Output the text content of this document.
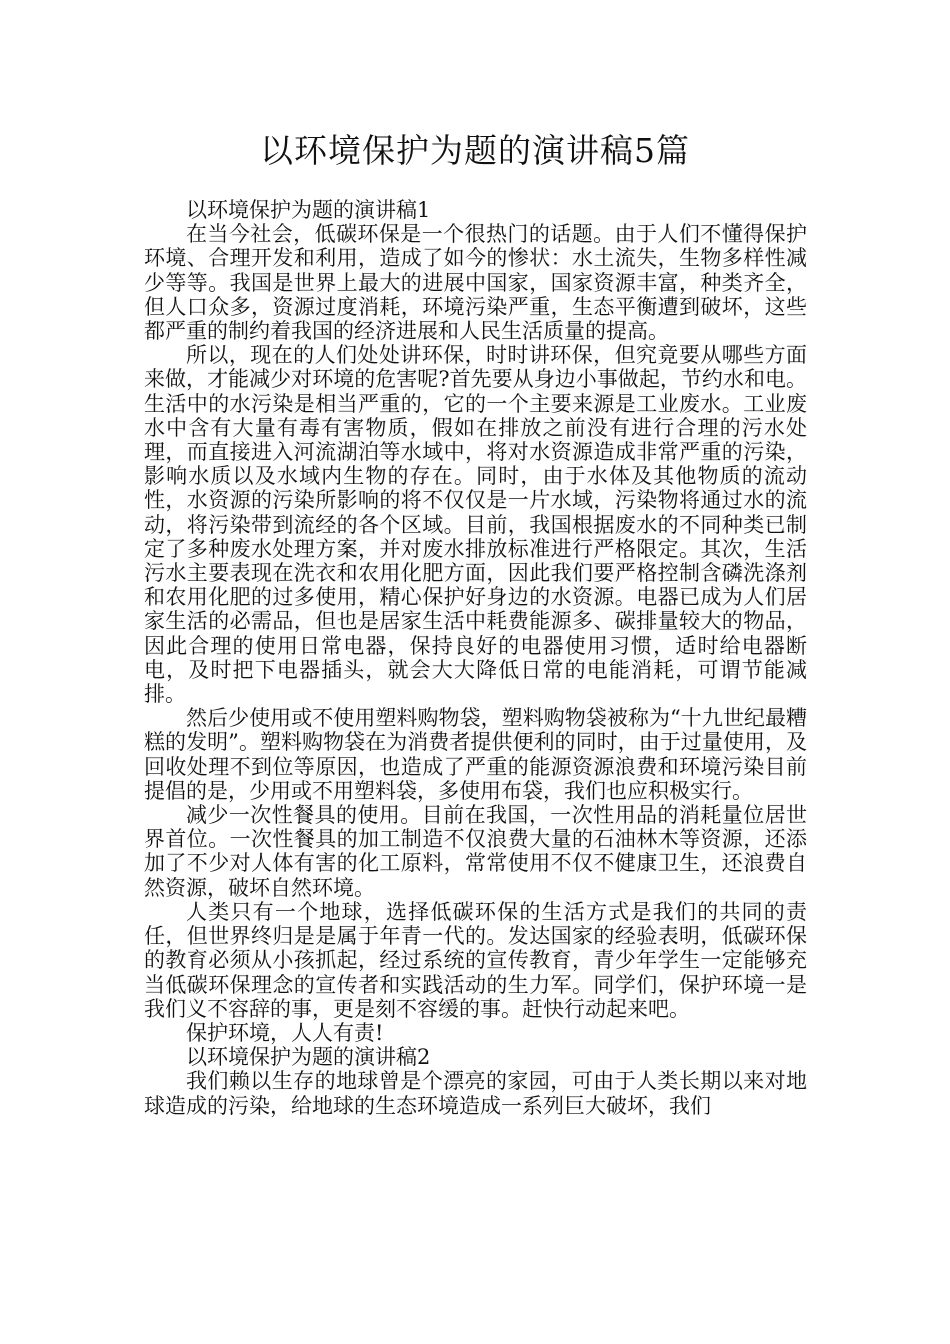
以环境保护为题的演讲稿5篇

以环境保护为题的演讲稿1

在当今社会，低碳环保是一个很热门的话题。由于人们不懂得保护环境、合理开发和利用，造成了如今的惨状：水土流失，生物多样性减少等等。我国是世界上最大的进展中国家，国家资源丰富，种类齐全，但人口众多，资源过度消耗，环境污染严重，生态平衡遭到破坏，这些都严重的制约着我国的经济进展和人民生活质量的提高。

所以，现在的人们处处讲环保，时时讲环保，但究竟要从哪些方面来做，才能减少对环境的危害呢?首先要从身边小事做起，节约水和电。生活中的水污染是相当严重的，它的一个主要来源是工业废水。工业废水中含有大量有毒有害物质，假如在排放之前没有进行合理的污水处理，而直接进入河流湖泊等水域中，将对水资源造成非常严重的污染，影响水质以及水域内生物的存在。同时，由于水体及其他物质的流动性，水资源的污染所影响的将不仅仅是一片水域，污染物将通过水的流动，将污染带到流经的各个区域。目前，我国根据废水的不同种类已制定了多种废水处理方案，并对废水排放标准进行严格限定。其次，生活污水主要表现在洗衣和农用化肥方面，因此我们要严格控制含磷洗涤剂和农用化肥的过多使用，精心保护好身边的水资源。电器已成为人们居家生活的必需品，但也是居家生活中耗费能源多、碳排量较大的物品，因此合理的使用日常电器，保持良好的电器使用习惯，适时给电器断电，及时把下电器插头，就会大大降低日常的电能消耗，可谓节能减排。

然后少使用或不使用塑料购物袋，塑料购物袋被称为“十九世纪最糟糕的发明”。塑料购物袋在为消费者提供便利的同时，由于过量使用，及回收处理不到位等原因，也造成了严重的能源资源浪费和环境污染目前提倡的是，少用或不用塑料袋，多使用布袋，我们也应积极实行。

减少一次性餐具的使用。目前在我国，一次性用品的消耗量位居世界首位。一次性餐具的加工制造不仅浪费大量的石油林木等资源，还添加了不少对人体有害的化工原料，常常使用不仅不健康卫生，还浪费自然资源，破坏自然环境。

人类只有一个地球，选择低碳环保的生活方式是我们的共同的责任，但世界终归是是属于年青一代的。发达国家的经验表明，低碳环保的教育必须从小孩抓起，经过系统的宣传教育，青少年学生一定能够充当低碳环保理念的宣传者和实践活动的生力军。同学们，保护环境一是我们义不容辞的事，更是刻不容缓的事。赶快行动起来吧。

保护环境，人人有责!

以环境保护为题的演讲稿2

我们赖以生存的地球曾是个漂亮的家园，可由于人类长期以来对地球造成的污染，给地球的生态环境造成一系列巨大破坏，我们
